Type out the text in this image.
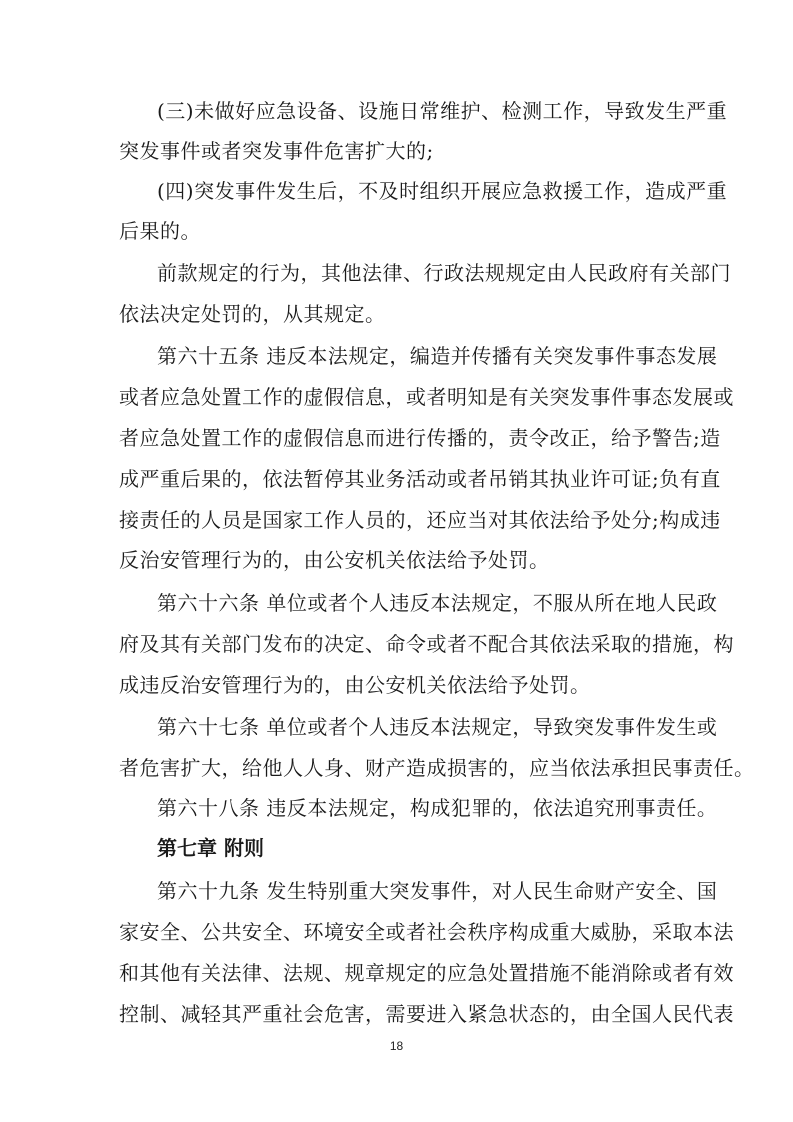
(三)未做好应急设备、设施日常维护、检测工作，导致发生严重
突发事件或者突发事件危害扩大的;
(四)突发事件发生后，不及时组织开展应急救援工作，造成严重
后果的。
前款规定的行为，其他法律、行政法规规定由人民政府有关部门
依法决定处罚的，从其规定。
第六十五条 违反本法规定，编造并传播有关突发事件事态发展
或者应急处置工作的虚假信息，或者明知是有关突发事件事态发展或
者应急处置工作的虚假信息而进行传播的，责令改正，给予警告;造
成严重后果的，依法暂停其业务活动或者吊销其执业许可证;负有直
接责任的人员是国家工作人员的，还应当对其依法给予处分;构成违
反治安管理行为的，由公安机关依法给予处罚。
第六十六条 单位或者个人违反本法规定，不服从所在地人民政
府及其有关部门发布的决定、命令或者不配合其依法采取的措施，构
成违反治安管理行为的，由公安机关依法给予处罚。
第六十七条 单位或者个人违反本法规定，导致突发事件发生或
者危害扩大，给他人人身、财产造成损害的，应当依法承担民事责任。
第六十八条 违反本法规定，构成犯罪的，依法追究刑事责任。
第七章 附则
第六十九条 发生特别重大突发事件，对人民生命财产安全、国
家安全、公共安全、环境安全或者社会秩序构成重大威胁，采取本法
和其他有关法律、法规、规章规定的应急处置措施不能消除或者有效
控制、减轻其严重社会危害，需要进入紧急状态的，由全国人民代表
18
